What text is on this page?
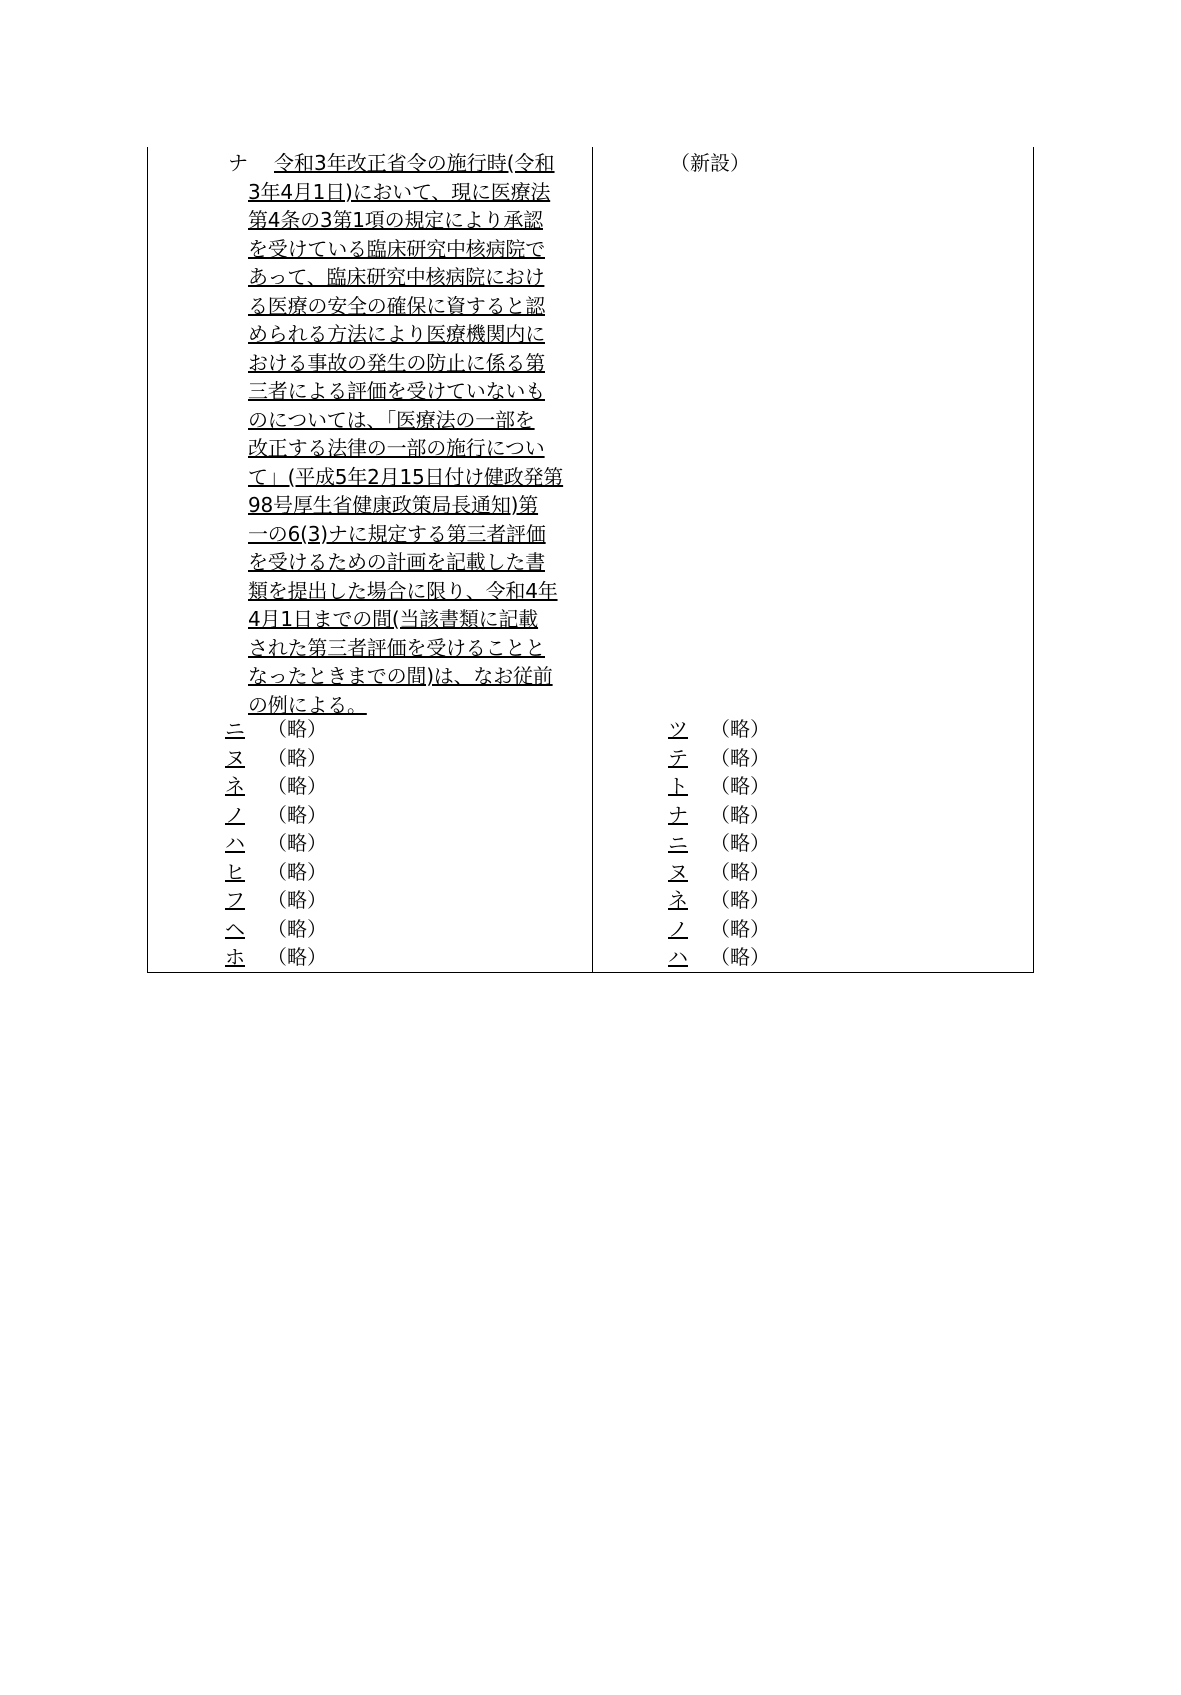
ナ 令和3年改正省令の施行時(令和
3年4月1日)において、現に医療法
第4条の3第1項の規定により承認
を受けている臨床研究中核病院で
あって、臨床研究中核病院におけ
る医療の安全の確保に資すると認
められる方法により医療機関内に
おける事故の発生の防止に係る第
三者による評価を受けていないも
のについては、「医療法の一部を
改正する法律の一部の施行につい
て」(平成5年2月15日付け健政発第
98号厚生省健康政策局長通知)第
一の6(3)ナに規定する第三者評価
を受けるための計画を記載した書
類を提出した場合に限り、令和4年
4月1日までの間(当該書類に記載
された第三者評価を受けることと
なったときまでの間)は、なお従前
の例による。
（新設）
ニ （略）
ヌ （略）
ネ （略）
ノ （略）
ハ （略）
ヒ （略）
フ （略）
ヘ （略）
ホ （略）
ツ （略）
テ （略）
ト （略）
ナ （略）
ニ （略）
ヌ （略）
ネ （略）
ノ （略）
ハ （略）
